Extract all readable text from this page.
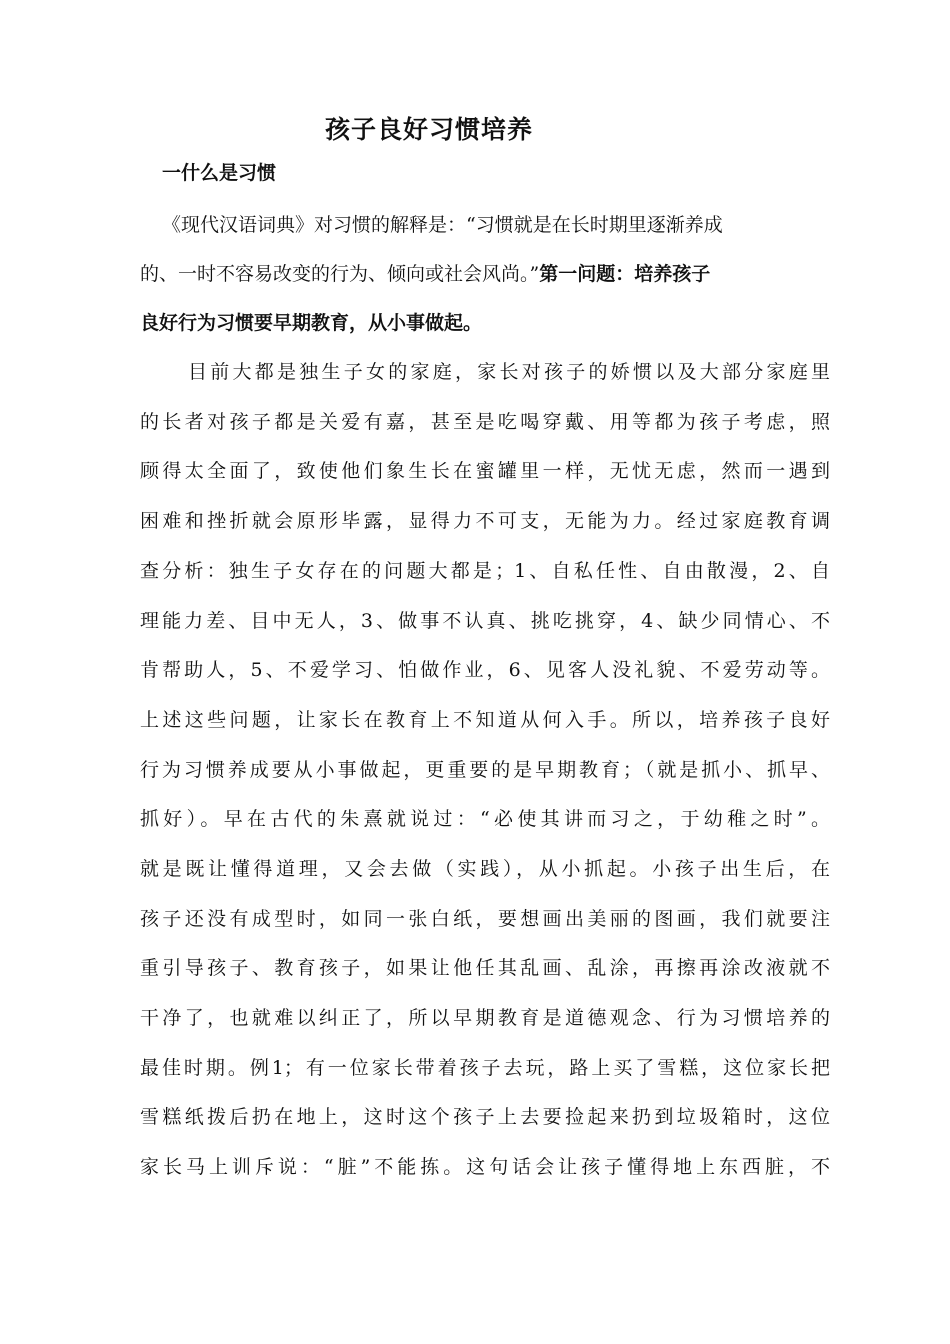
孩子良好习惯培养
一什么是习惯
《现代汉语词典》对习惯的解释是：“习惯就是在长时期里逐渐养成
的、一时不容易改变的行为、倾向或社会风尚。”第一问题：培养孩子
良好行为习惯要早期教育，从小事做起。
目前大都是独生子女的家庭，家长对孩子的娇惯以及大部分家庭里
的长者对孩子都是关爱有嘉，甚至是吃喝穿戴、用等都为孩子考虑，照
顾得太全面了，致使他们象生长在蜜罐里一样，无忧无虑，然而一遇到
困难和挫折就会原形毕露，显得力不可支，无能为力。经过家庭教育调
查分析：独生子女存在的问题大都是；1、自私任性、自由散漫，2、自
理能力差、目中无人，3、做事不认真、挑吃挑穿，4、缺少同情心、不
肯帮助人，5、不爱学习、怕做作业，6、见客人没礼貌、不爱劳动等。
上述这些问题，让家长在教育上不知道从何入手。所以，培养孩子良好
行为习惯养成要从小事做起，更重要的是早期教育；（就是抓小、抓早、
抓好）。早在古代的朱熹就说过：“必使其讲而习之，于幼稚之时”。
就是既让懂得道理，又会去做（实践），从小抓起。小孩子出生后，在
孩子还没有成型时，如同一张白纸，要想画出美丽的图画，我们就要注
重引导孩子、教育孩子，如果让他任其乱画、乱涂，再擦再涂改液就不
干净了，也就难以纠正了，所以早期教育是道德观念、行为习惯培养的
最佳时期。例1；有一位家长带着孩子去玩，路上买了雪糕，这位家长把
雪糕纸拨后扔在地上，这时这个孩子上去要捡起来扔到垃圾箱时，这位
家长马上训斥说：“脏”不能拣。这句话会让孩子懂得地上东西脏，不
